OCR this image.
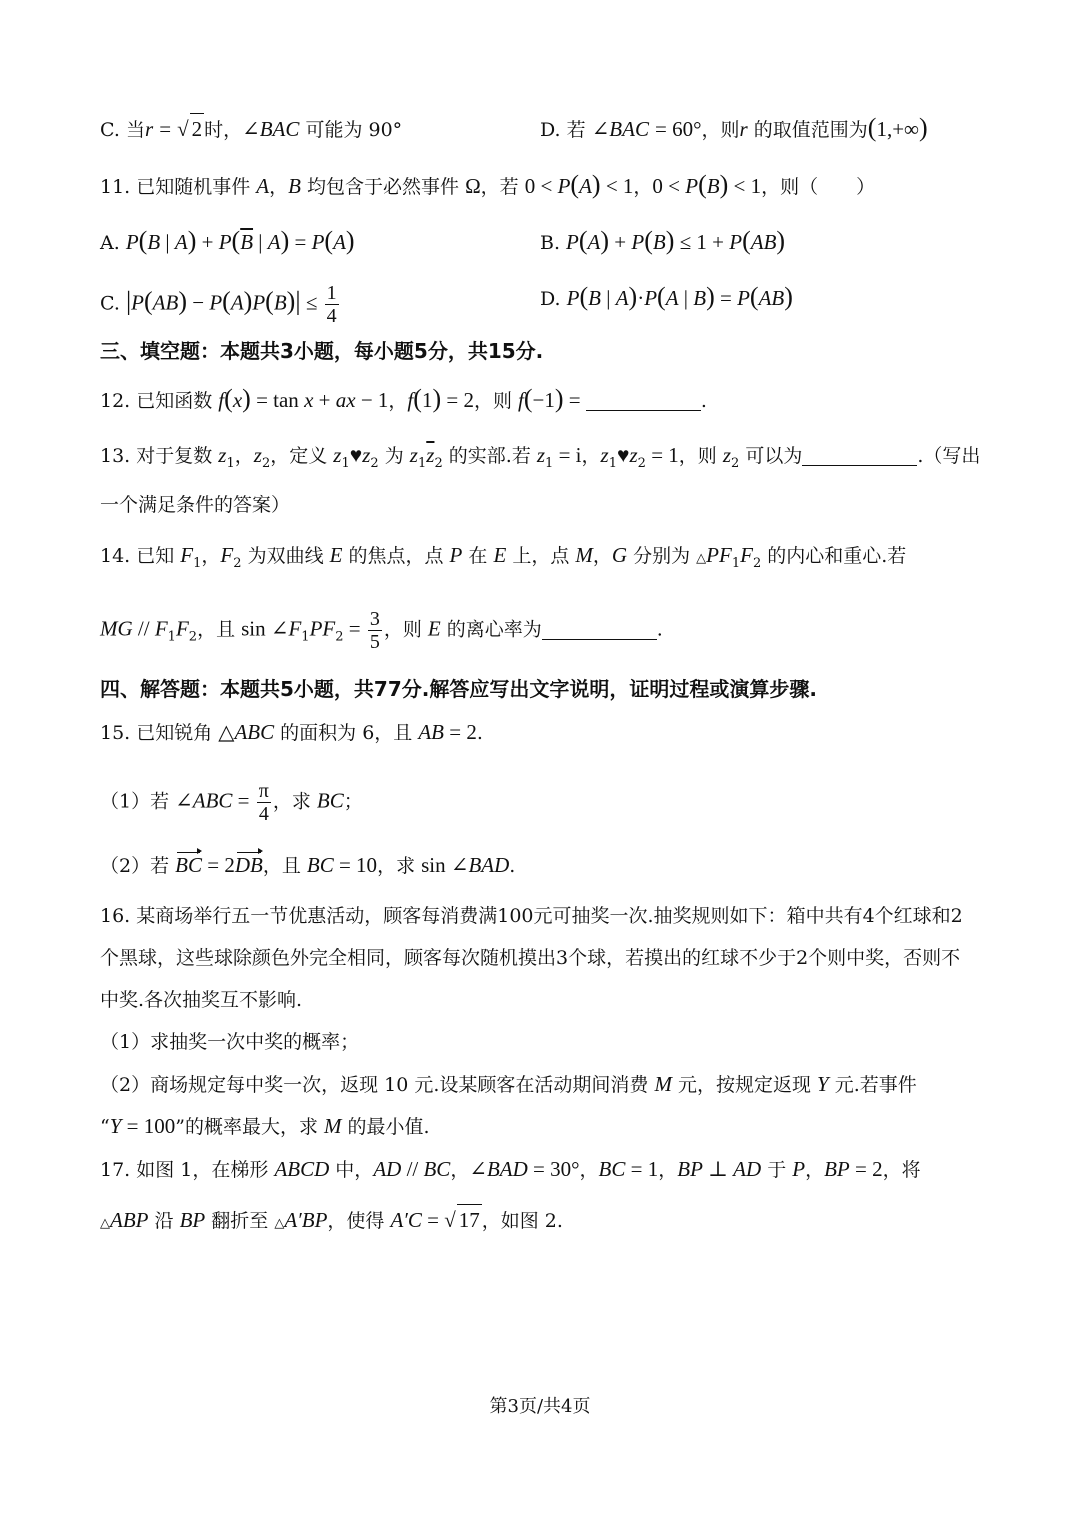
C. 当r = √ 2 时，∠BAC 可能为 90°	D. 若 ∠BAC = 60°，则r 的取值范围为(1,+∞)
11. 已知随机事件 A，B 均包含于必然事件 Ω，若 0 < P(A) < 1，0 < P(B) < 1，则（　　）
A. P(B | $A) + P(\overline{B}$ | A) = P(A)	B. P(A) + P(B) ≤ 1 + P(AB)
C. $|P(AB) - P(A)P(B)| \le \frac{1}{4}$	D. P(B | A)·P(A | B) = P(AB)
三、填空题：本题共3小题，每小题5分，共15分.
12. 已知函数 f(x) = tan x + ax − 1，f(1) = 2，则 f(−1) =	.
13. 对于复数 $z_1$，$z_2$，定义 $z_1♥z_2$ 为 $z_1\overline{z}_2$ 的实部.若 $z_1 = i$，$z_1♥z_2 = 1$，则 $z_2$ 可以为	.（写出
一个满足条件的答案）
14. 已知 $F_1$，$F_2$ 为双曲线 E 的焦点，点 P 在 E 上，点 M，G 分别为 $\triangle PF_1F_2$ 的内心和重心.若
MG // $F_1F_2$，且 $\sin \angle F_1PF_2 = \frac{3}{5}$ ，则 E 的离心率为	.
四、解答题：本题共5小题，共77分.解答应写出文字说明，证明过程或演算步骤.
15. 已知锐角 △ABC 的面积为 6，且 AB = 2.
（1）若 ∠ABC = $\frac{\pi}{4}$ ，求 BC；
（2）若 BC = 2DB，且 BC = 10，求 sin ∠BAD.
16. 某商场举行五一节优惠活动，顾客每消费满100元可抽奖一次.抽奖规则如下：箱中共有4个红球和2
个黑球，这些球除颜色外完全相同，顾客每次随机摸出3个球，若摸出的红球不少于2个则中奖，否则不
中奖.各次抽奖互不影响.
（1）求抽奖一次中奖的概率；
（2）商场规定每中奖一次，返现 10 元.设某顾客在活动期间消费 M 元，按规定返现 Y 元.若事件
“Y = 100”的概率最大，求 M 的最小值.
17. 如图 1，在梯形 ABCD 中，AD // BC，∠BAD = 30°，BC = 1，BP ⊥ AD 于 P，BP = 2，将
△ABP 沿 BP 翻折至 △A′BP，使得 A′C = √ 17 ，如图 2.
第3页/共4页
